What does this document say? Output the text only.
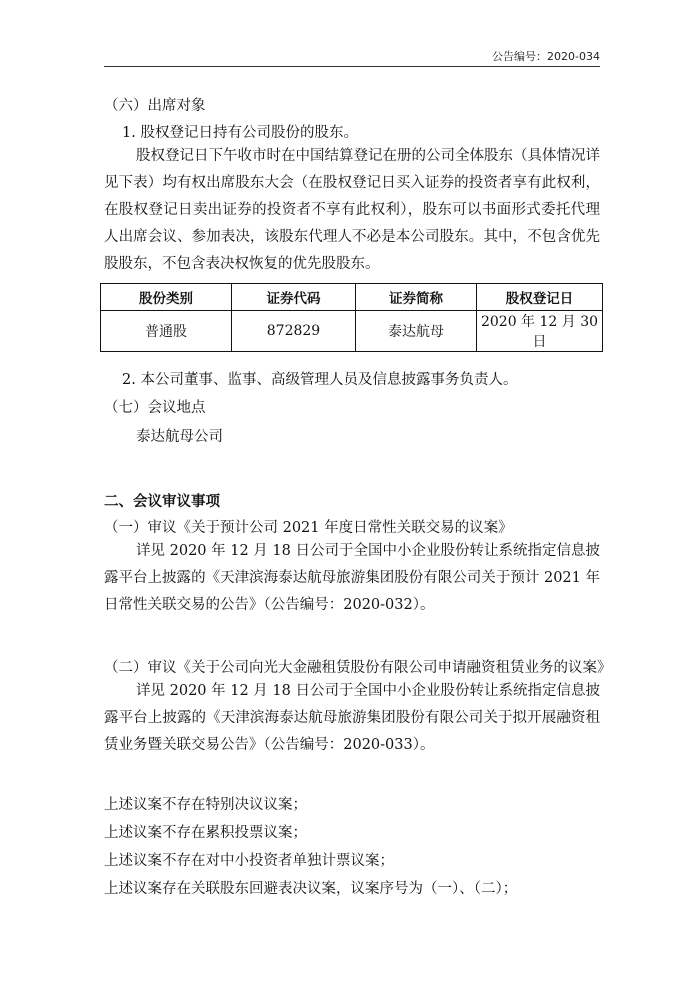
公告编号：2020-034
（六）出席对象
1. 股权登记日持有公司股份的股东。
股权登记日下午收市时在中国结算登记在册的公司全体股东（具体情况详见下表）均有权出席股东大会（在股权登记日买入证券的投资者享有此权利，在股权登记日卖出证券的投资者不享有此权利），股东可以书面形式委托代理人出席会议、参加表决，该股东代理人不必是本公司股东。其中，不包含优先股股东，不包含表决权恢复的优先股股东。
股份类别	证券代码	证券简称	股权登记日
普通股	872829	泰达航母	2020 年 12 月 30 日
2. 本公司董事、监事、高级管理人员及信息披露事务负责人。
（七）会议地点
泰达航母公司
二、会议审议事项
（一）审议《关于预计公司 2021 年度日常性关联交易的议案》
详见 2020 年 12 月 18 日公司于全国中小企业股份转让系统指定信息披露平台上披露的《天津滨海泰达航母旅游集团股份有限公司关于预计 2021 年日常性关联交易的公告》（公告编号：2020-032）。
（二）审议《关于公司向光大金融租赁股份有限公司申请融资租赁业务的议案》
详见 2020 年 12 月 18 日公司于全国中小企业股份转让系统指定信息披露平台上披露的《天津滨海泰达航母旅游集团股份有限公司关于拟开展融资租赁业务暨关联交易公告》（公告编号：2020-033）。
上述议案不存在特别决议议案；
上述议案不存在累积投票议案；
上述议案不存在对中小投资者单独计票议案；
上述议案存在关联股东回避表决议案，议案序号为（一）、（二）；
